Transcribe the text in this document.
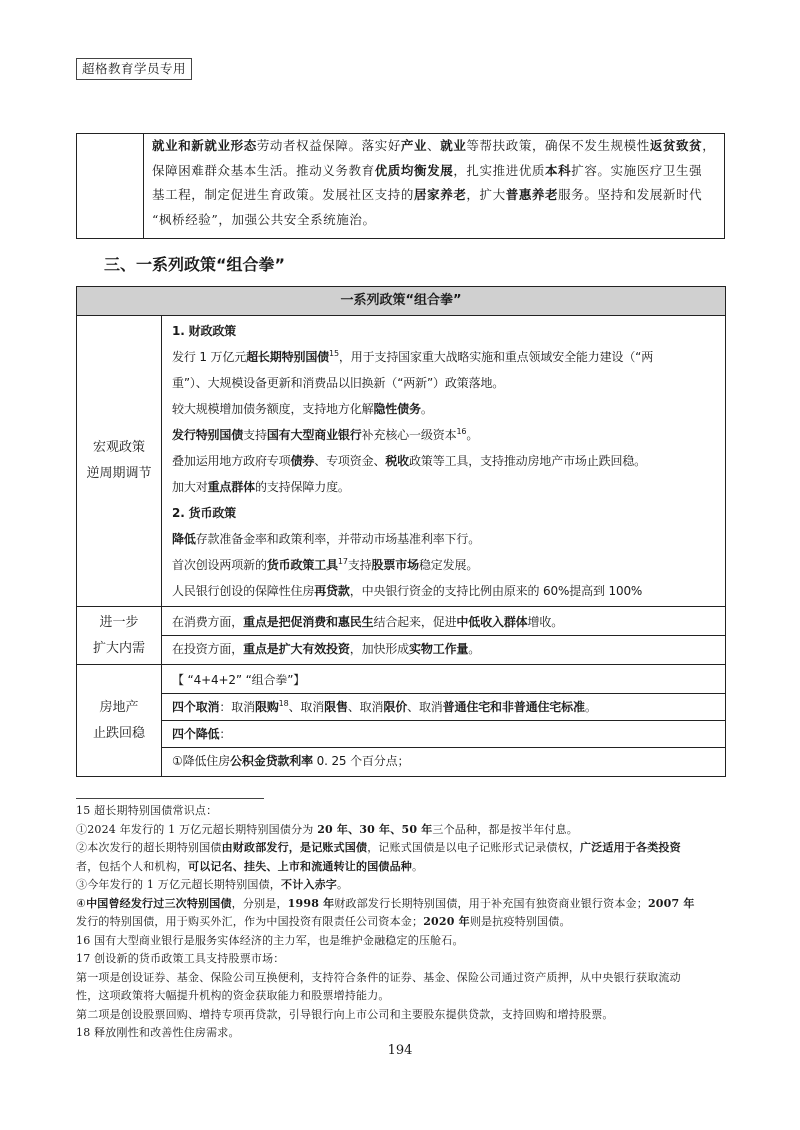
超格教育学员专用
就业和新就业形态劳动者权益保障。落实好产业、就业等帮扶政策，确保不发生规模性返贫致贫，
保障困难群众基本生活。推动义务教育优质均衡发展，扎实推进优质本科扩容。实施医疗卫生强
基工程，制定促进生育政策。发展社区支持的居家养老，扩大普惠养老服务。坚持和发展新时代
“枫桥经验”，加强公共安全系统施治。
三、一系列政策“组合拳”
一系列政策“组合拳”
宏观政策
逆周期调节
1. 财政政策
发行 1 万亿元超长期特别国债$^{15}$，用于支持国家重大战略实施和重点领域安全能力建设（“两
重”）、大规模设备更新和消费品以旧换新（“两新”）政策落地。
较大规模增加债务额度，支持地方化解隐性债务。
发行特别国债支持国有大型商业银行补充核心一级资本$^{16}$。
叠加运用地方政府专项债券、专项资金、税收政策等工具，支持推动房地产市场止跌回稳。
加大对重点群体的支持保障力度。
2. 货币政策
降低存款准备金率和政策利率，并带动市场基准利率下行。
首次创设两项新的货币政策工具$^{17}$支持股票市场稳定发展。
人民银行创设的保障性住房再贷款，中央银行资金的支持比例由原来的 60%提高到 100%
进一步
扩大内需
在消费方面，重点是把促消费和惠民生结合起来，促进中低收入群体增收。
在投资方面，重点是扩大有效投资，加快形成实物工作量。
房地产
止跌回稳
【 “4+4+2” “组合拳”】
四个取消：取消限购$^{18}$、取消限售、取消限价、取消普通住宅和非普通住宅标准。
四个降低：
①降低住房公积金贷款利率 0. 25 个百分点；
15 超长期特别国债常识点：
①2024 年发行的 1 万亿元超长期特别国债分为 20 年、30 年、50 年三个品种，都是按半年付息。
②本次发行的超长期特别国债由财政部发行，是记账式国债，记账式国债是以电子记账形式记录债权，广泛适用于各类投资
者，包括个人和机构，可以记名、挂失、上市和流通转让的国债品种。
③今年发行的 1 万亿元超长期特别国债，不计入赤字。
④中国曾经发行过三次特别国债，分别是，1998 年财政部发行长期特别国债，用于补充国有独资商业银行资本金；2007 年
发行的特别国债，用于购买外汇，作为中国投资有限责任公司资本金；2020 年则是抗疫特别国债。
16 国有大型商业银行是服务实体经济的主力军，也是维护金融稳定的压舱石。
17 创设新的货币政策工具支持股票市场：
第一项是创设证券、基金、保险公司互换便利，支持符合条件的证券、基金、保险公司通过资产质押，从中央银行获取流动
性，这项政策将大幅提升机构的资金获取能力和股票增持能力。
第二项是创设股票回购、增持专项再贷款，引导银行向上市公司和主要股东提供贷款，支持回购和增持股票。
18 释放刚性和改善性住房需求。
194
